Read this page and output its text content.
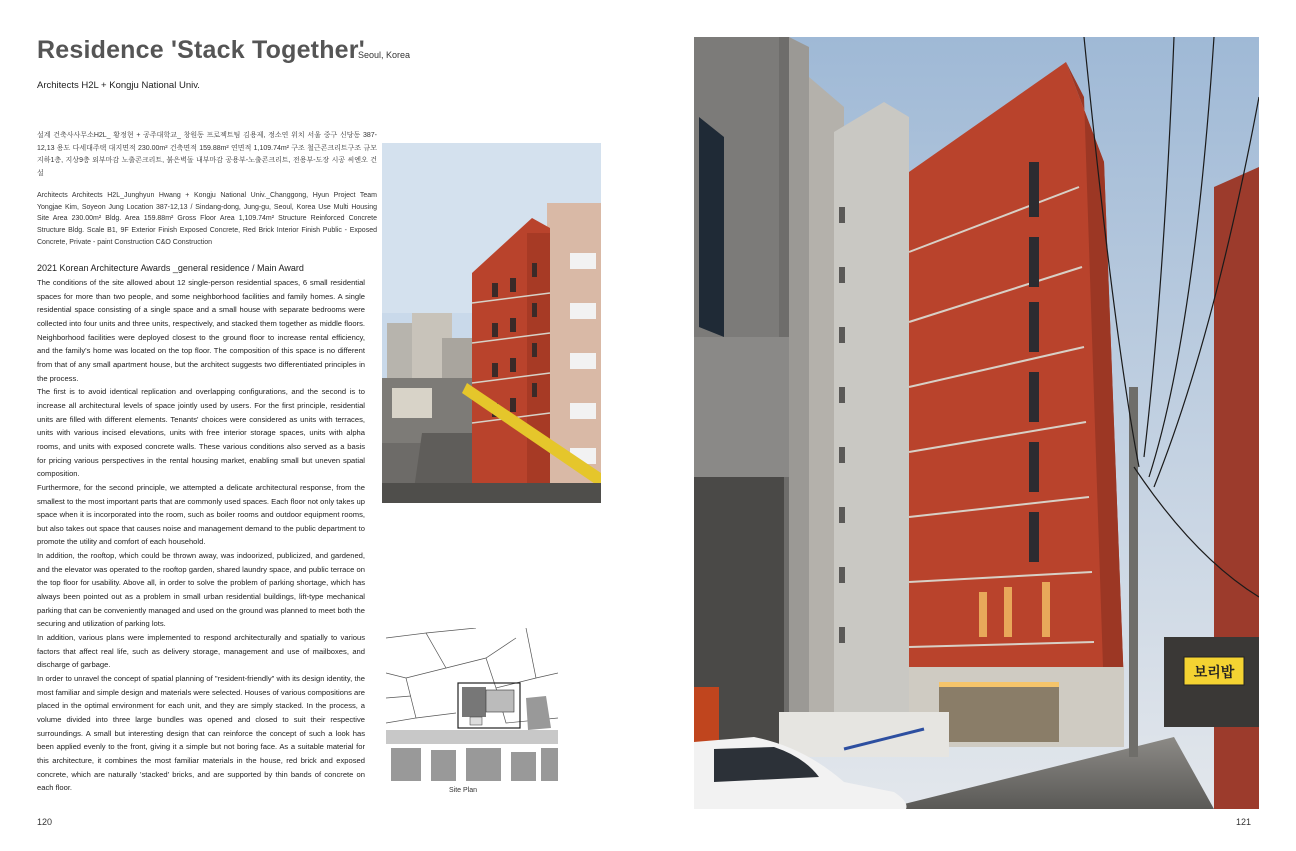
Residence 'Stack Together'
Seoul, Korea
Architects H2L + Kongju National Univ.
설계 건축사사무소H2L_ 황정현 + 공주대학교_ 창원동 프로젝트팀 김용제, 정소연 위치 서울 중구 신당동 387-12,13 용도 다세대주택 대지면적 230.00m² 건축면적 159.88m² 연면적 1,109.74m² 구조 철근콘크리트구조 규모 지하1층, 지상9층 외부마감 노출콘크리트, 붉은벽돌 내부마감 공용부-노출콘크리트, 전용부-도장 시공 씨엔오 건설
Architects Architects H2L_Junghyun Hwang + Kongju National Univ._Changgong, Hyun Project Team Yongjae Kim, Soyeon Jung Location 387-12,13 / Sindang-dong, Jung-gu, Seoul, Korea Use Multi Housing Site Area 230.00m² Bldg. Area 159.88m² Gross Floor Area 1,109.74m² Structure Reinforced Concrete Structure Bldg. Scale B1, 9F Exterior Finish Exposed Concrete, Red Brick Interior Finish Public - Exposed Concrete, Private - paint Construction C&O Construction
2021 Korean Architecture Awards _general residence / Main Award

The conditions of the site allowed about 12 single-person residential spaces, 6 small residential spaces for more than two people, and some neighborhood facilities and family homes. A single residential space consisting of a single space and a small house with separate bedrooms were collected into four units and three units, respectively, and stacked them together as middle floors. Neighborhood facilities were deployed closest to the ground floor to increase rental efficiency, and the family's home was located on the top floor. The composition of this space is no different from that of any small apartment house, but the architect suggests two differentiated principles in the process.

The first is to avoid identical replication and overlapping configurations, and the second is to increase all architectural levels of space jointly used by users. For the first principle, residential units are filled with different elements. Tenants' choices were considered as units with terraces, units with various incised elevations, units with free interior storage spaces, units with alpha rooms, and units with exposed concrete walls. These various conditions also served as a basis for pricing various perspectives in the rental housing market, enabling small but uneven spatial composition.

Furthermore, for the second principle, we attempted a delicate architectural response, from the smallest to the most important parts that are commonly used spaces. Each floor not only takes up space when it is incorporated into the room, such as boiler rooms and outdoor equipment rooms, but also takes out space that causes noise and management demand to the public department to promote the utility and comfort of each household.

In addition, the rooftop, which could be thrown away, was indoorized, publicized, and gardened, and the elevator was operated to the rooftop garden, shared laundry space, and public terrace on the top floor for usability. Above all, in order to solve the problem of parking shortage, which has always been pointed out as a problem in small urban residential buildings, lift-type mechanical parking that can be conveniently managed and used on the ground was planned to meet both the securing and utilization of parking lots.

In addition, various plans were implemented to respond architecturally and spatially to various factors that affect real life, such as delivery storage, management and use of mailboxes, and discharge of garbage.

In order to unravel the concept of spatial planning of "resident-friendly" with its design identity, the most familiar and simple design and materials were selected. Houses of various compositions are placed in the optimal environment for each unit, and they are simply stacked. In the process, a volume divided into three large bundles was opened and closed to suit their respective surroundings. A small but interesting design that can reinforce the concept of such a look has been applied evenly to the front, giving it a simple but not boring face. As a suitable material for this architecture, it combines the most familiar materials in the house, red brick and exposed concrete, which are naturally 'stacked' bricks, and are supported by thin bands of concrete on each floor.	Site Plan
120
보리밥
121
